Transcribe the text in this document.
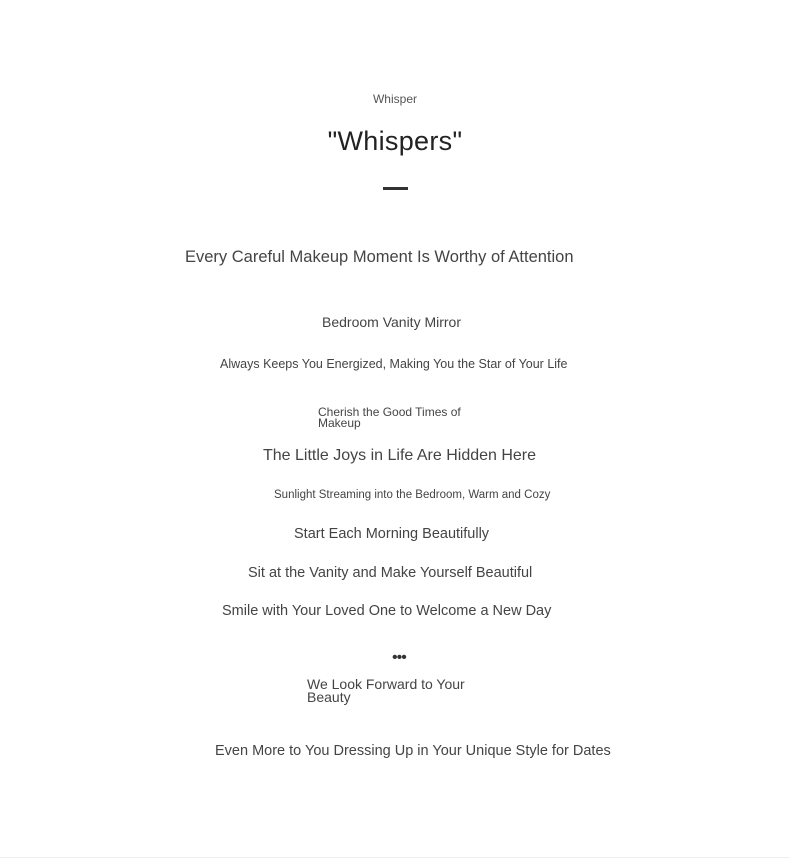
Whisper
"Whispers"
Every Careful Makeup Moment Is Worthy of Attention
Bedroom Vanity Mirror
Always Keeps You Energized, Making You the Star of Your Life
Cherish the Good Times of Makeup
The Little Joys in Life Are Hidden Here
Sunlight Streaming into the Bedroom, Warm and Cozy
Start Each Morning Beautifully
Sit at the Vanity and Make Yourself Beautiful
Smile with Your Loved One to Welcome a New Day
•••
We Look Forward to Your Beauty
Even More to You Dressing Up in Your Unique Style for Dates
